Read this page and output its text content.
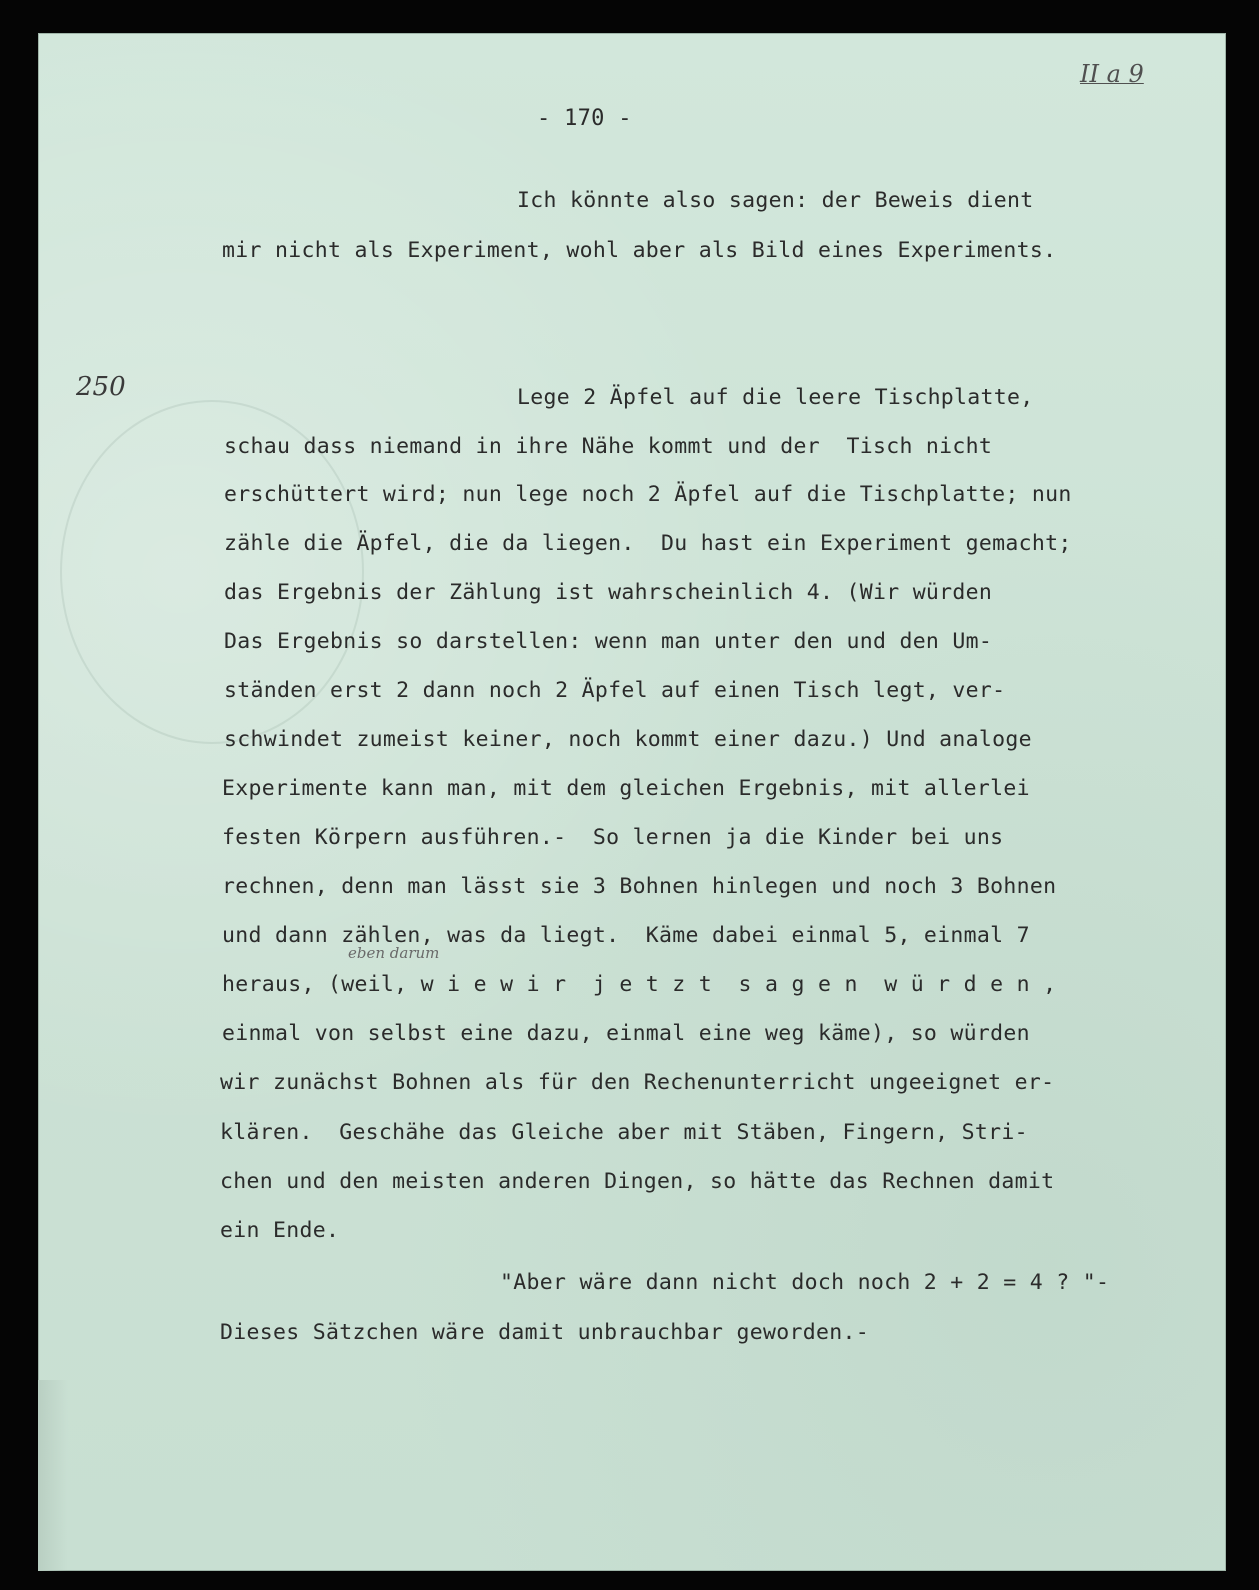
II a 9
- 170 -
250
eben darum
Ich könnte also sagen: der Beweis dient
mir nicht als Experiment, wohl aber als Bild eines Experiments.
Lege 2 Äpfel auf die leere Tischplatte,
schau dass niemand in ihre Nähe kommt und der  Tisch nicht
erschüttert wird; nun lege noch 2 Äpfel auf die Tischplatte; nun
zähle die Äpfel, die da liegen.  Du hast ein Experiment gemacht;
das Ergebnis der Zählung ist wahrscheinlich 4. (Wir würden
Das Ergebnis so darstellen: wenn man unter den und den Um-
ständen erst 2 dann noch 2 Äpfel auf einen Tisch legt, ver-
schwindet zumeist keiner, noch kommt einer dazu.) Und analoge
Experimente kann man, mit dem gleichen Ergebnis, mit allerlei
festen Körpern ausführen.-  So lernen ja die Kinder bei uns
rechnen, denn man lässt sie 3 Bohnen hinlegen und noch 3 Bohnen
und dann zählen, was da liegt.  Käme dabei einmal 5, einmal 7
heraus, (weil, w i e w i r  j e t z t  s a g e n  w ü r d e n ,
einmal von selbst eine dazu, einmal eine weg käme), so würden
wir zunächst Bohnen als für den Rechenunterricht ungeeignet er-
klären.  Geschähe das Gleiche aber mit Stäben, Fingern, Stri-
chen und den meisten anderen Dingen, so hätte das Rechnen damit
ein Ende.
"Aber wäre dann nicht doch noch 2 + 2 = 4 ? "-
Dieses Sätzchen wäre damit unbrauchbar geworden.-
